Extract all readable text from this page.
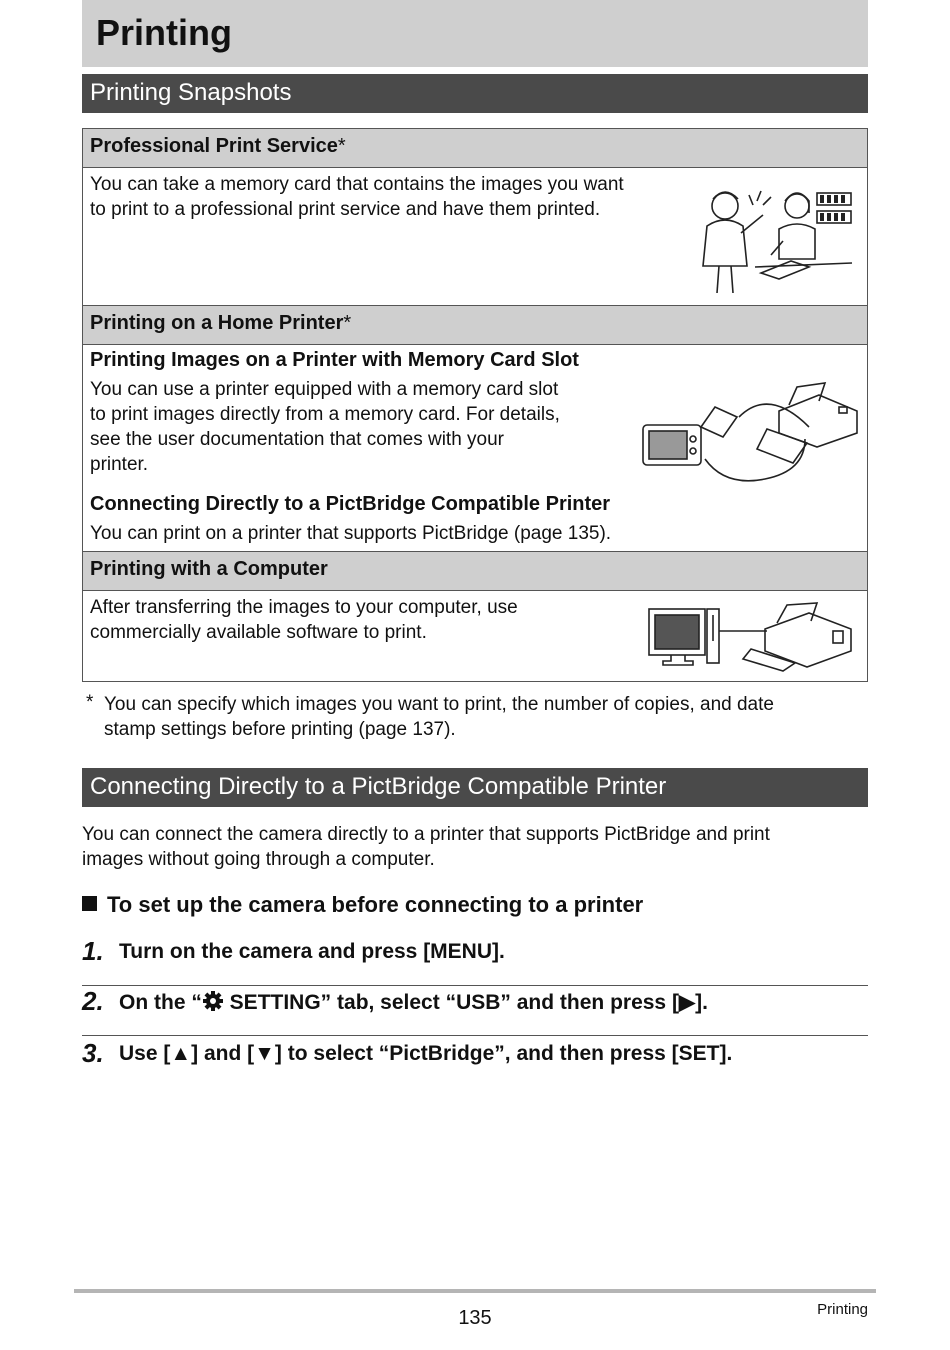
Printing
Printing Snapshots
Professional Print Service*
You can take a memory card that contains the images you want
to print to a professional print service and have them printed.
Printing on a Home Printer*
Printing Images on a Printer with Memory Card Slot
You can use a printer equipped with a memory card slot
to print images directly from a memory card. For details,
see the user documentation that comes with your
printer.
Connecting Directly to a PictBridge Compatible Printer
You can print on a printer that supports PictBridge (page 135).
Printing with a Computer
After transferring the images to your computer, use
commercially available software to print.
* You can specify which images you want to print, the number of copies, and date
stamp settings before printing (page 137).
Connecting Directly to a PictBridge Compatible Printer
You can connect the camera directly to a printer that supports PictBridge and print
images without going through a computer.
To set up the camera before connecting to a printer
1. Turn on the camera and press [MENU].
2. On the “ SETTING” tab, select “USB” and then press [▶].
3. Use [▲] and [▼] to select “PictBridge”, and then press [SET].
135	Printing
